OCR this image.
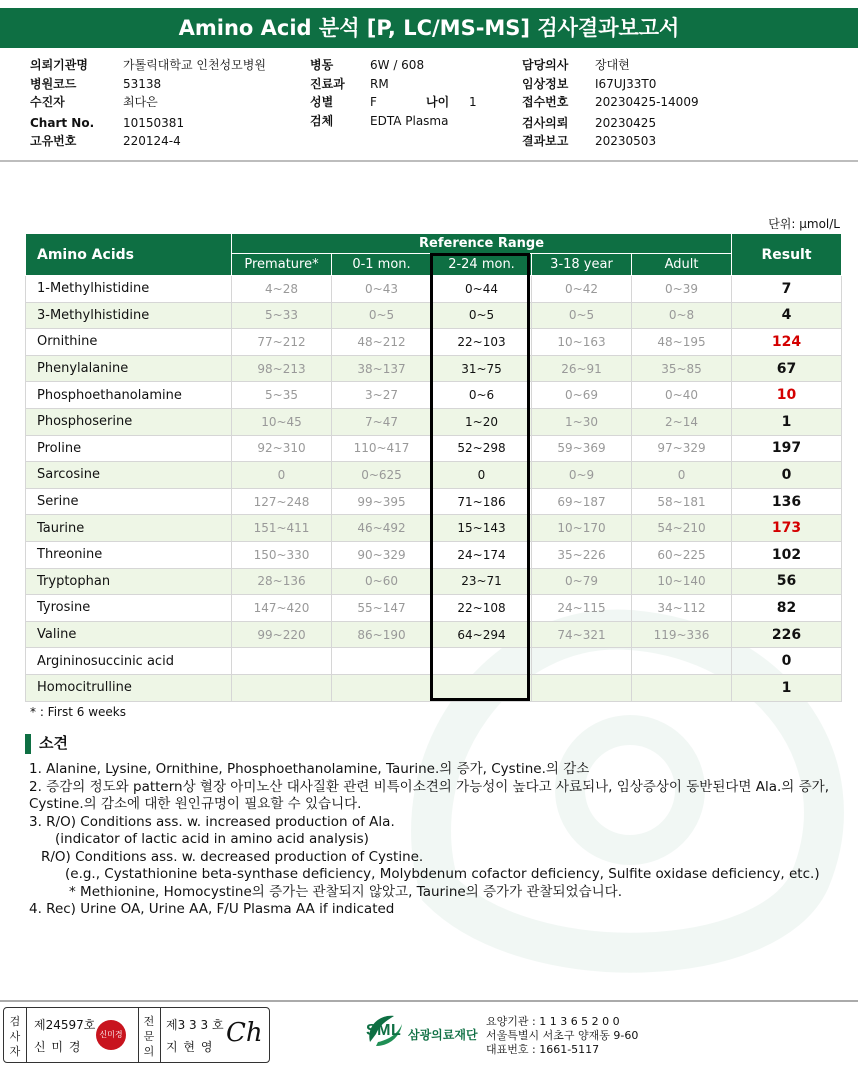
Amino Acid 분석 [P, LC/MS-MS] 검사결과보고서
의뢰기관명	가톨릭대학교 인천성모병원
병원코드	53138
수진자	최다은
Chart No. 10150381
고유번호	220124-4
병동	6W / 608
진료과 RM
성별	F	나이 1
검체	EDTA Plasma
담당의사 장대현
임상정보 I67UJ33T0
접수번호 20230425-14009
검사의뢰 20230425
결과보고 20230503
단위: μmol/L
Amino Acids	Reference Range					Result
	Premature*	0-1 mon.	2-24 mon.	3-18 year	Adult	
1-Methylhistidine	4~28	0~43	0~44	0~42	0~39	7
3-Methylhistidine	5~33	0~5	0~5	0~5	0~8	4
Ornithine	77~212	48~212	22~103	10~163	48~195	124
Phenylalanine	98~213	38~137	31~75	26~91	35~85	67
Phosphoethanolamine	5~35	3~27	0~6	0~69	0~40	10
Phosphoserine	10~45	7~47	1~20	1~30	2~14	1
Proline	92~310	110~417	52~298	59~369	97~329	197
Sarcosine	0	0~625	0	0~9	0	0
Serine	127~248	99~395	71~186	69~187	58~181	136
Taurine	151~411	46~492	15~143	10~170	54~210	173
Threonine	150~330	90~329	24~174	35~226	60~225	102
Tryptophan	28~136	0~60	23~71	0~79	10~140	56
Tyrosine	147~420	55~147	22~108	24~115	34~112	82
Valine	99~220	86~190	64~294	74~321	119~336	226
Argininosuccinic acid						0
Homocitrulline						1
* : First 6 weeks
소견
1. Alanine, Lysine, Ornithine, Phosphoethanolamine, Taurine.의 증가, Cystine.의 감소
2. 증감의 정도와 pattern상 혈장 아미노산 대사질환 관련 비특이소견의 가능성이 높다고 사료되나, 임상증상이 동반된다면 Ala.의 증가,
Cystine.의 감소에 대한 원인규명이 필요할 수 있습니다.
3. R/O) Conditions ass. w. increased production of Ala.
(indicator of lactic acid in amino acid analysis)
R/O) Conditions ass. w. decreased production of Cystine.
(e.g., Cystathionine beta-synthase deficiency, Molybdenum cofactor deficiency, Sulfite oxidase deficiency, etc.)
* Methionine, Homocystine의 증가는 관찰되지 않았고, Taurine의 증가가 관찰되었습니다.
4. Rec) Urine OA, Urine AA, F/U Plasma AA if indicated
검
사
자
제24597호
신 미 경
신미경
전
문
의
제3 3 3 호
지 현 영 Ch	SML 삼광의료재단
요양기관 : 1 1 3 6 5 2 0 0
서울특별시 서초구 양재동 9-60
대표번호 : 1661-5117
